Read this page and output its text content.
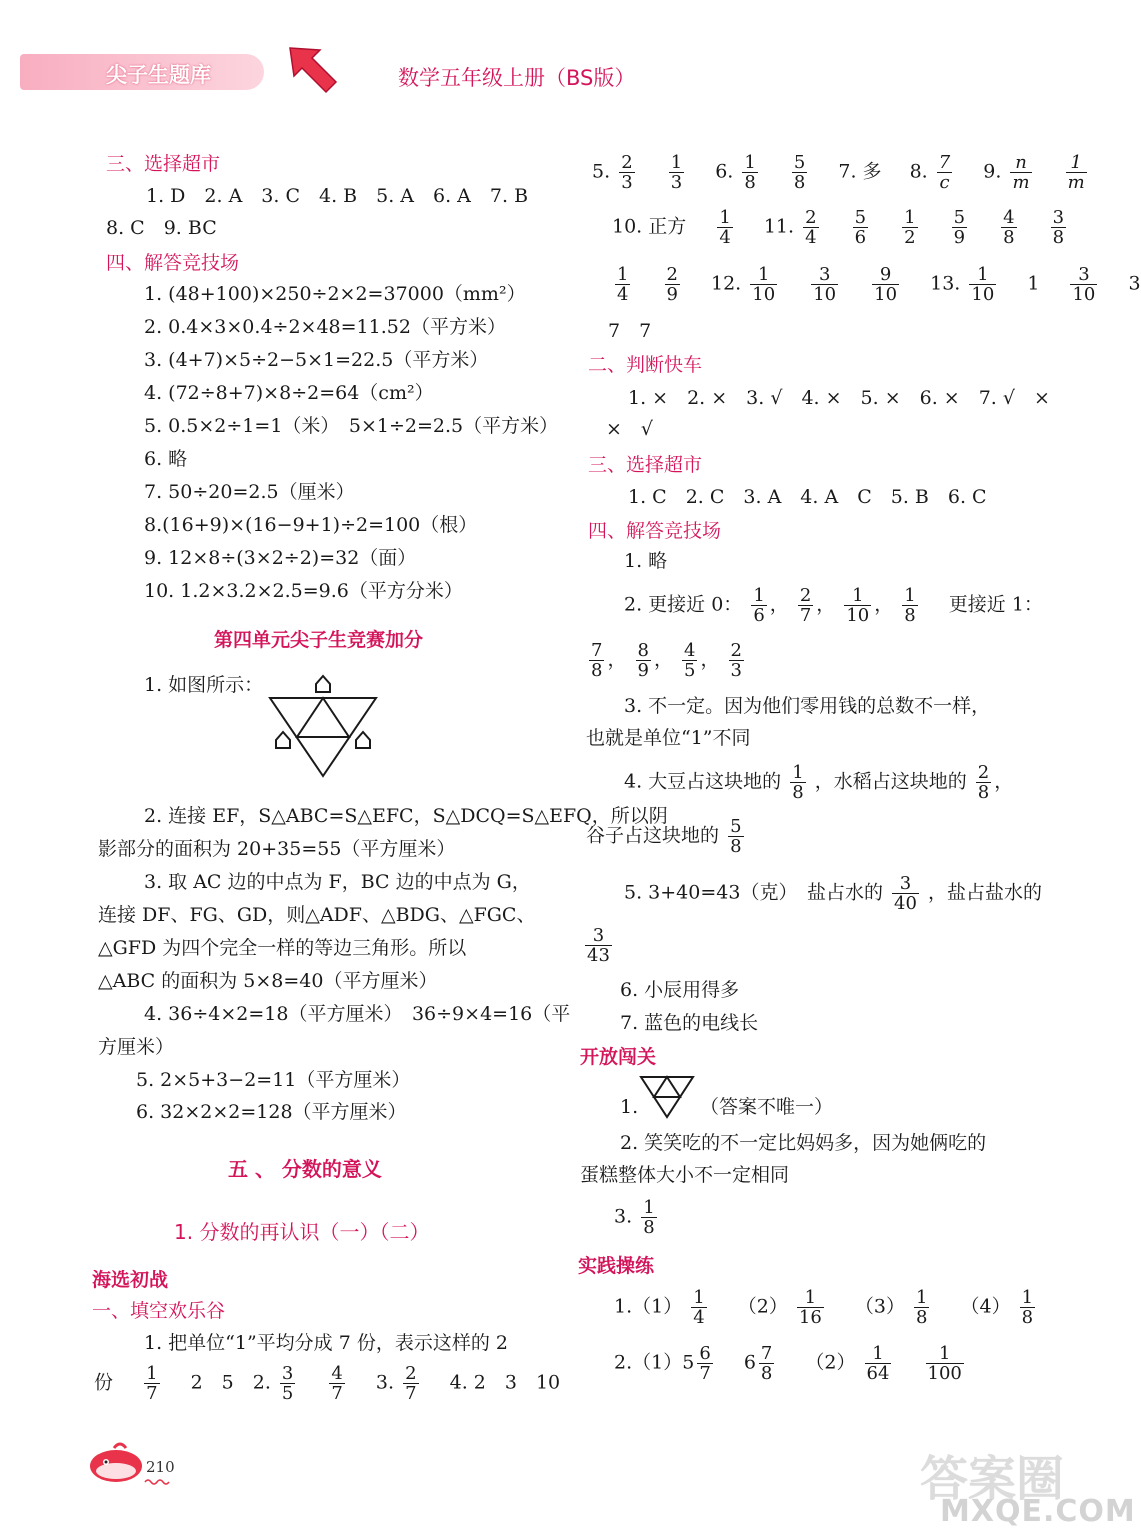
尖子生题库	数学五年级上册（BS版）
三、选择超市
1. D　2. A　3. C　4. B　5. A　6. A　7. B
8. C　9. BC
四、解答竞技场
1. (48+100)×250÷2×2=37000（mm²）
2. 0.4×3×0.4÷2×48=11.52（平方米）
3. (4+7)×5÷2−5×1=22.5（平方米）
4. (72÷8+7)×8÷2=64（cm²）
5. 0.5×2÷1=1（米）　5×1÷2=2.5（平方米）
6. 略
7. 50÷20=2.5（厘米）
8.(16+9)×(16−9+1)÷2=100（根）
9. 12×8÷(3×2÷2)=32（面）
10. 1.2×3.2×2.5=9.6（平方分米）
第四单元尖子生竞赛加分
1. 如图所示：
2. 连接 EF，S△ABC=S△EFC，S△DCQ=S△EFQ，所以阴
影部分的面积为 20+35=55（平方厘米）
3. 取 AC 边的中点为 F，BC 边的中点为 G，
连接 DF、FG、GD，则△ADF、△BDG、△FGC、
△GFD 为四个完全一样的等边三角形。所以
△ABC 的面积为 5×8=40（平方厘米）
4. 36÷4×2=18（平方厘米）　36÷9×4=16（平
方厘米）
5. 2×5+3−2=11（平方厘米）
6. 32×2×2=128（平方厘米）
五 、 分数的意义
1. 分数的再认识（一）（二）
海选初战
一、填空欢乐谷
1. 把单位“1”平均分成 7 份，表示这样的 2
份 $\frac{1}{7} 2$　5　2. $\frac{3}{5}$
$\frac{4}{7} 3$. $\frac{2}{7} 4$. 2　3　10
5. $\frac{2}{3}$
$\frac{1}{3} 6$. $\frac{1}{8}$
$\frac{5}{8} 7$. 多 8. $\frac{7}{c} 9$. $\frac{n}{m}$
$\frac{1}{m}$
10. 正方 $\frac{1}{4} 11$. $\frac{2}{4}$
$\frac{5}{6}$
$\frac{1}{2}$
$\frac{5}{9}$
$\frac{4}{8}$
$\frac{3}{8}$
$\frac{1}{4}$
$\frac{2}{9} 12$. $\frac{1}{10}$
$\frac{3}{10}$
$\frac{9}{10} 13$. $\frac{1}{10} 1 \frac{3}{10} 3$
7　7
二、判断快车
1. ×　2. ×　3. √　4. ×　5. ×　6. ×　7. √　×
×　√
三、选择超市
1. C　2. C　3. A　4. A　C　5. B　6. C
四、解答竞技场
1. 略
2. 更接近 0： $\frac{1}{6}$ ， $\frac{2}{7}$ ， $\frac{1}{10}$ ， $\frac{1}{8}$ 更接近 1：
$\frac{7}{8}$ ， $\frac{8}{9}$ ， $\frac{4}{5}$ ， $\frac{2}{3}$
3. 不一定。因为他们零用钱的总数不一样，
也就是单位“1”不同
4. 大豆占这块地的 $\frac{1}{8}$ ，水稻占这块地的 $\frac{2}{8}$ ，
谷子占这块地的 $\frac{5}{8}$
5. 3+40=43（克）　盐占水的 $\frac{3}{40}$ ，盐占盐水的
$\frac{3}{43}$
6. 小辰用得多
7. 蓝色的电线长
开放闯关
1.	（答案不唯一）
2. 笑笑吃的不一定比妈妈多，因为她俩吃的
蛋糕整体大小不一定相同
3. $\frac{1}{8}$
实践操练
$1.(1) \frac{1}{4} (2) \frac{1}{16} (3) \frac{1}{8} (4) \frac{1}{8}$
$2.(1)5 \frac{6}{7} 6 \frac{7}{8} (2) \frac{1}{64}$
$\frac{1}{100}$
210	答案圈
MXQE.COM
